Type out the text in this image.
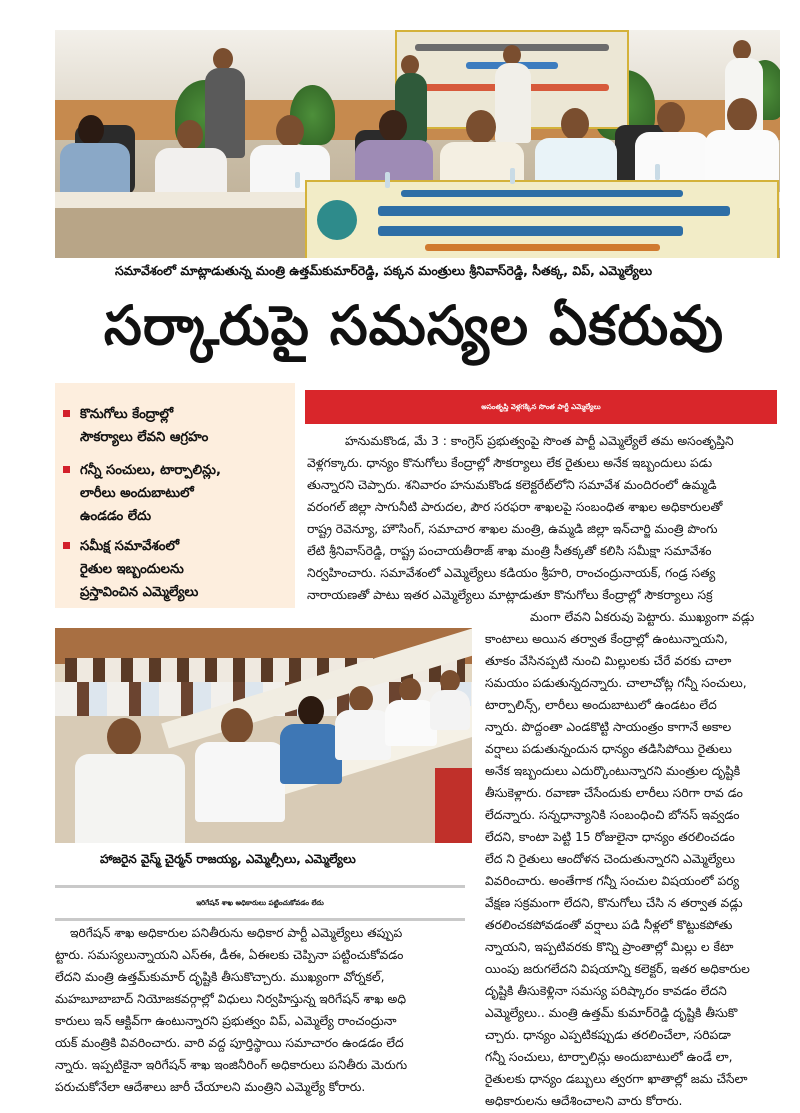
సమావేశంలో మాట్లాడుతున్న మంత్రి ఉత్తమ్‌కుమార్‌రెడ్డి, పక్కన మంత్రులు శ్రీనివాస్‌రెడ్డి, సీతక్క, విప్, ఎమ్మెల్యేలు
సర్కారుపై సమస్యల ఏకరువు
కొనుగోలు కేంద్రాల్లో
సౌకర్యాలు లేవని ఆగ్రహం
గన్నీ సంచులు, టార్పాలిన్లు,
లారీలు అందుబాటులో
ఉండడం లేదు
సమీక్ష సమావేశంలో
రైతుల ఇబ్బందులను
ప్రస్తావించిన ఎమ్మెల్యేలు
అసంతృప్తి వెళ్లగక్కిన సొంత పార్టీ ఎమ్మెల్యేలు
హనుమకొండ, మే 3 : కాంగ్రెస్ ప్రభుత్వంపై సొంత పార్టీ ఎమ్మెల్యేలే తమ అసంతృప్తిని
వెళ్లగక్కారు. ధాన్యం కొనుగోలు కేంద్రాల్లో సౌకర్యాలు లేక రైతులు అనేక ఇబ్బందులు పడు
తున్నారని చెప్పారు. శనివారం హనుమకొండ కలెక్టరేట్‌లోని సమావేశ మందిరంలో ఉమ్మడి
వరంగల్ జిల్లా సాగునీటి పారుదల, పౌర సరఫరా శాఖలపై సంబంధిత శాఖల అధికారులతో
రాష్ట్ర రెవెన్యూ, హౌసింగ్, సమాచార శాఖల మంత్రి, ఉమ్మడి జిల్లా ఇన్‌చార్జి మంత్రి పొంగు
లేటి శ్రీనివాస్‌రెడ్డి, రాష్ట్ర పంచాయతీరాజ్ శాఖ మంత్రి సీతక్కతో కలిసి సమీక్షా సమావేశం
నిర్వహించారు. సమావేశంలో ఎమ్మెల్యేలు కడియం శ్రీహరి, రాంచంద్రునాయక్, గండ్ర సత్య
నారాయణతో పాటు ఇతర ఎమ్మెల్యేలు మాట్లాడుతూ కొనుగోలు కేంద్రాల్లో సౌకర్యాలు సక్ర
హాజరైన వైస్మ్ చైర్మన్ రాజయ్య, ఎమ్మెల్సీలు, ఎమ్మెల్యేలు
మంగా లేవని ఏకరువు పెట్టారు. ముఖ్యంగా వడ్లు
కాంటాలు అయిన తర్వాత కేంద్రాల్లో ఉంటున్నాయని,
తూకం వేసినప్పటి నుంచి మిల్లులకు చేరే వరకు చాలా
సమయం పడుతున్నదన్నారు. చాలాచోట్ల గన్నీ సంచులు,
టార్పాలిన్స్, లారీలు అందుబాటులో ఉండటం లేద
న్నారు. పొద్దంతా ఎండకొట్టి సాయంత్రం కాగానే అకాల
వర్షాలు పడుతున్నందున ధాన్యం తడిసిపోయి రైతులు
అనేక ఇబ్బందులు ఎదుర్కొంటున్నారని మంత్రుల దృష్టికి
తీసుకెళ్లారు. రవాణా చేసేందుకు లారీలు సరిగా రావ డం
లేదన్నారు. సన్నధాన్యానికి సంబంధించి బోనస్ ఇవ్వడం
లేదని, కాంటా పెట్టి 15 రోజులైనా ధాన్యం తరలించడం
లేద ని రైతులు ఆందోళన చెందుతున్నారని ఎమ్మెల్యేలు
వివరించారు. అంతేగాక గన్నీ సంచుల విషయంలో పర్య
వేక్షణ సక్రమంగా లేదని, కొనుగోలు చేసి న తర్వాత వడ్లు
తరలించకపోవడంతో వర్షాలు పడి నీళ్లలో కొట్టుకపోతు
న్నాయని, ఇప్పటివరకు కొన్ని ప్రాంతాల్లో మిల్లు ల కేటా
యింపు జరుగలేదని విషయాన్ని కలెక్టర్, ఇతర అధికారుల
దృష్టికి తీసుకెళ్లినా సమస్య పరిష్కారం కావడం లేదని
ఎమ్మెల్యేలు.. మంత్రి ఉత్తమ్ కుమార్‌రెడ్డి దృష్టికి తీసుకొ
చ్చారు. ధాన్యం ఎప్పటికప్పుడు తరలించేలా, సరిపడా
గన్నీ సంచులు, టార్పాలిన్లు అందుబాటులో ఉండే లా,
రైతులకు ధాన్యం డబ్బులు త్వరగా ఖాతాల్లో జమ చేసేలా
అధికారులను ఆదేశించాలని వారు కోరారు.
ఇరిగేషన్ శాఖ అధికారులు పట్టించుకోవడం లేదు
ఇరిగేషన్ శాఖ అధికారుల పనితీరును అధికార పార్టీ ఎమ్మెల్యేలు తప్పుప
ట్టారు. సమస్యలున్నాయని ఎస్ఈ, డీఈ, ఏఈలకు చెప్పినా పట్టించుకోవడం
లేదని మంత్రి ఉత్తమ్‌కుమార్ దృష్టికి తీసుకొచ్చారు. ముఖ్యంగా వోర్నకల్,
మహబూబాబాద్ నియోజకవర్గాల్లో విధులు నిర్వహిస్తున్న ఇరిగేషన్ శాఖ అధి
కారులు ఇన్ ఆక్టివ్‌గా ఉంటున్నారని ప్రభుత్వం విప్, ఎమ్మెల్యే రాంచంద్రునా
యక్ మంత్రికి వివరించారు. వారి వద్ద పూర్తిస్థాయి సమాచారం ఉండడం లేద
న్నారు. ఇప్పటికైనా ఇరిగేషన్ శాఖ ఇంజినీరింగ్ అధికారులు పనితీరు మెరుగు
పరుచుకోనేలా ఆదేశాలు జారీ చేయాలని మంత్రిని ఎమ్మెల్యే కోరారు.
